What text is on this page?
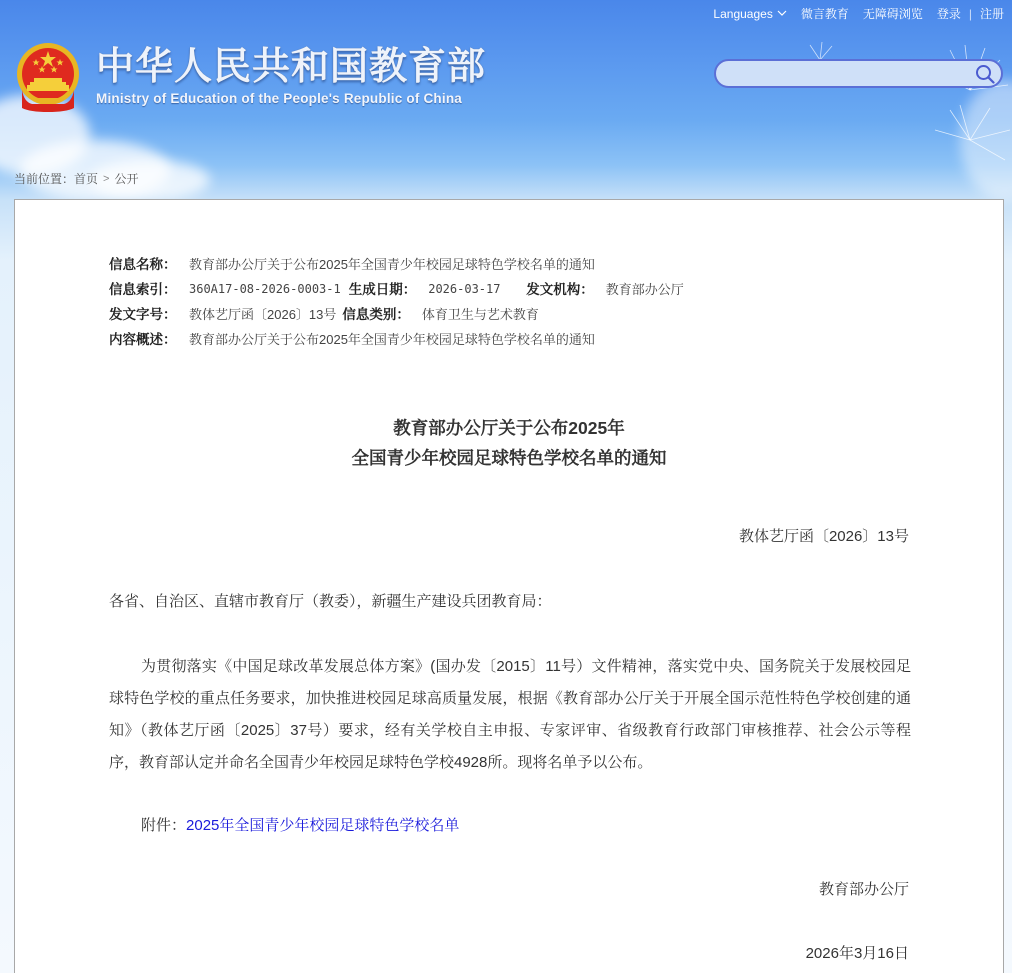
Languages 微言教育 无障碍浏览 登录 | 注册
中华人民共和国教育部
Ministry of Education of the People's Republic of China
当前位置： 首页 > 公开
信息名称： 教育部办公厅关于公布2025年全国青少年校园足球特色学校名单的通知
信息索引：	360A17-08-2026-0003-1 生成日期： 2026-03-17	发文机构： 教育部办公厅
发文字号： 教体艺厅函〔2026〕13号 信息类别： 体育卫生与艺术教育
内容概述： 教育部办公厅关于公布2025年全国青少年校园足球特色学校名单的通知
教育部办公厅关于公布2025年
全国青少年校园足球特色学校名单的通知
教体艺厅函〔2026〕13号
各省、自治区、直辖市教育厅（教委），新疆生产建设兵团教育局：
为贯彻落实《中国足球改革发展总体方案》(国办发〔2015〕11号）文件精神，落实党中央、国务院关于发展校园足球特色学校的重点任务要求，加快推进校园足球高质量发展，根据《教育部办公厅关于开展全国示范性特色学校创建的通知》（教体艺厅函〔2025〕37号）要求，经有关学校自主申报、专家评审、省级教育行政部门审核推荐、社会公示等程序，教育部认定并命名全国青少年校园足球特色学校4928所。现将名单予以公布。
附件：2025年全国青少年校园足球特色学校名单
教育部办公厅
2026年3月16日
